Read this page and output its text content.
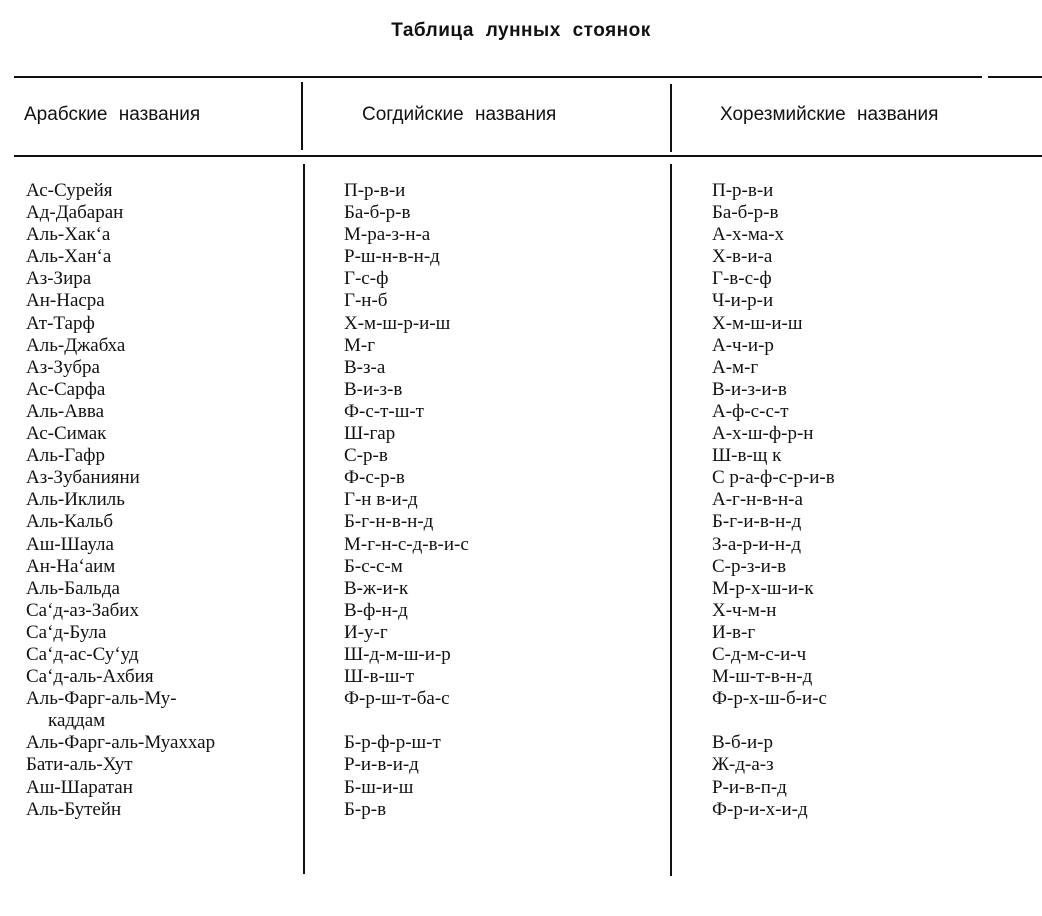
Таблица лунных стоянок
Арабские названия	Согдийские названия	Хорезмийские названия
Ас-Сурейя
Ад-Дабаран
Аль-Хак‘а
Аль-Хан‘а
Аз-Зира
Ан-Насра
Ат-Тарф
Аль-Джабха
Аз-Зубра
Ас-Сарфа
Аль-Авва
Ас-Симак
Аль-Гафр
Аз-Зубанияни
Аль-Иклиль
Аль-Кальб
Аш-Шаула
Ан-На‘аим
Аль-Бальда
Са‘д-аз-Забих
Са‘д-Була
Са‘д-ас-Су‘уд
Са‘д-аль-Ахбия
Аль-Фарг-аль-Му-
каддам
Аль-Фарг-аль-Муаххар
Бати-аль-Хут
Аш-Шаратан
Аль-Бутейн
П-р-в-и
Ба-б-р-в
М-ра-з-н-а
Р-ш-н-в-н-д
Г-с-ф
Г-н-б
Х-м-ш-р-и-ш
М-г
В-з-а
В-и-з-в
Ф-с-т-ш-т
Ш-гар
С-р-в
Ф-с-р-в
Г-н в-и-д
Б-г-н-в-н-д
М-г-н-с-д-в-и-с
Б-с-с-м
В-ж-и-к
В-ф-н-д
И-у-г
Ш-д-м-ш-и-р
Ш-в-ш-т
Ф-р-ш-т-ба-с
Б-р-ф-р-ш-т
Р-и-в-и-д
Б-ш-и-ш
Б-р-в
П-р-в-и
Ба-б-р-в
А-х-ма-х
Х-в-и-а
Г-в-с-ф
Ч-и-р-и
Х-м-ш-и-ш
А-ч-и-р
А-м-г
В-и-з-и-в
А-ф-с-с-т
А-х-ш-ф-р-н
Ш-в-щ к
С р-а-ф-с-р-и-в
А-г-н-в-н-а
Б-г-и-в-н-д
З-а-р-и-н-д
С-р-з-и-в
М-р-х-ш-и-к
Х-ч-м-н
И-в-г
С-д-м-с-и-ч
М-ш-т-в-н-д
Ф-р-х-ш-б-и-с
В-б-и-р
Ж-д-а-з
Р-и-в-п-д
Ф-р-и-х-и-д
